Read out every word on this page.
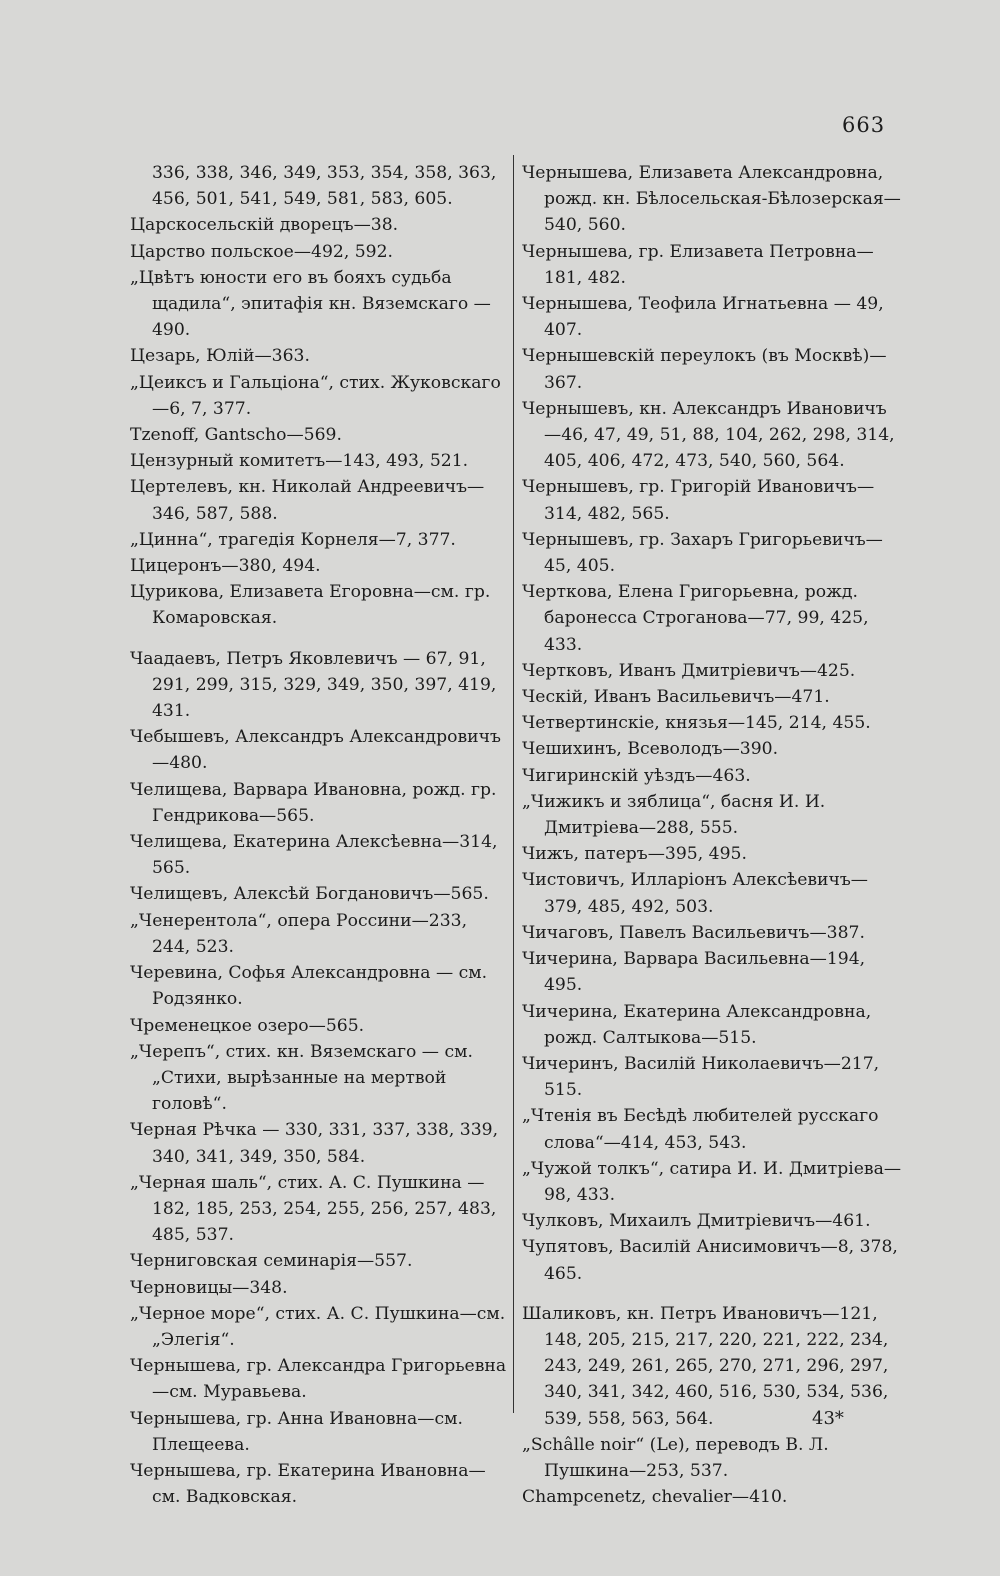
663

336, 338, 346, 349, 353, 354, 358, 363, 456, 501, 541, 549, 581, 583, 605.

Царскосельскій дворецъ—38.

Царство польское—492, 592.

„Цвѣтъ юности его въ бояхъ судьба щадила“, эпитафія кн. Вяземскаго — 490.

Цезарь, Юлій—363.

„Цеиксъ и Гальціона“, стих. Жуковскаго—6, 7, 377.

Tzenoff, Gantscho—569.

Цензурный комитетъ—143, 493, 521.

Цертелевъ, кн. Николай Андреевичъ—346, 587, 588.

„Цинна“, трагедія Корнеля—7, 377.

Цицеронъ—380, 494.

Цурикова, Елизавета Егоровна—см. гр. Комаровская.

Чаадаевъ, Петръ Яковлевичъ — 67, 91, 291, 299, 315, 329, 349, 350, 397, 419, 431.

Чебышевъ, Александръ Александровичъ—480.

Челищева, Варвара Ивановна, рожд. гр. Гендрикова—565.

Челищева, Екатерина Алексѣевна—314, 565.

Челищевъ, Алексѣй Богдановичъ—565.

„Ченерентола“, опера Россини—233, 244, 523.

Черевина, Софья Александровна — см. Родзянко.

Чременецкое озеро—565.

„Черепъ“, стих. кн. Вяземскаго — см. „Стихи, вырѣзанные на мертвой головѣ“.

Черная Рѣчка — 330, 331, 337, 338, 339, 340, 341, 349, 350, 584.

„Черная шаль“, стих. А. С. Пушкина — 182, 185, 253, 254, 255, 256, 257, 483, 485, 537.

Черниговская семинарія—557.

Черновицы—348.

„Черное море“, стих. А. С. Пушкина—см. „Элегія“.

Чернышева, гр. Александра Григорьевна—см. Муравьева.

Чернышева, гр. Анна Ивановна—см. Плещеева.

Чернышева, гр. Екатерина Ивановна—см. Вадковская.

Чернышева, Елизавета Александровна, рожд. кн. Бѣлосельская-Бѣлозерская—540, 560.

Чернышева, гр. Елизавета Петровна—181, 482.

Чернышева, Теофила Игнатьевна — 49, 407.

Чернышевскій переулокъ (въ Москвѣ)—367.

Чернышевъ, кн. Александръ Ивановичъ—46, 47, 49, 51, 88, 104, 262, 298, 314, 405, 406, 472, 473, 540, 560, 564.

Чернышевъ, гр. Григорій Ивановичъ—314, 482, 565.

Чернышевъ, гр. Захаръ Григорьевичъ—45, 405.

Черткова, Елена Григорьевна, рожд. баронесса Строганова—77, 99, 425, 433.

Чертковъ, Иванъ Дмитріевичъ—425.

Ческій, Иванъ Васильевичъ—471.

Четвертинскіе, князья—145, 214, 455.

Чешихинъ, Всеволодъ—390.

Чигиринскій уѣздъ—463.

„Чижикъ и зяблица“, басня И. И. Дмитріева—288, 555.

Чижъ, патеръ—395, 495.

Чистовичъ, Илларіонъ Алексѣевичъ—379, 485, 492, 503.

Чичаговъ, Павелъ Васильевичъ—387.

Чичерина, Варвара Васильевна—194, 495.

Чичерина, Екатерина Александровна, рожд. Салтыкова—515.

Чичеринъ, Василій Николаевичъ—217, 515.

„Чтенія въ Бесѣдѣ любителей русскаго слова“—414, 453, 543.

„Чужой толкъ“, сатира И. И. Дмитріева—98, 433.

Чулковъ, Михаилъ Дмитріевичъ—461.

Чупятовъ, Василій Анисимовичъ—8, 378, 465.

Шаликовъ, кн. Петръ Ивановичъ—121, 148, 205, 215, 217, 220, 221, 222, 234, 243, 249, 261, 265, 270, 271, 296, 297, 340, 341, 342, 460, 516, 530, 534, 536, 539, 558, 563, 564.

„Schâlle noir“ (Le), переводъ В. Л. Пушкина—253, 537.

Champcenetz, chevalier—410.

43*
